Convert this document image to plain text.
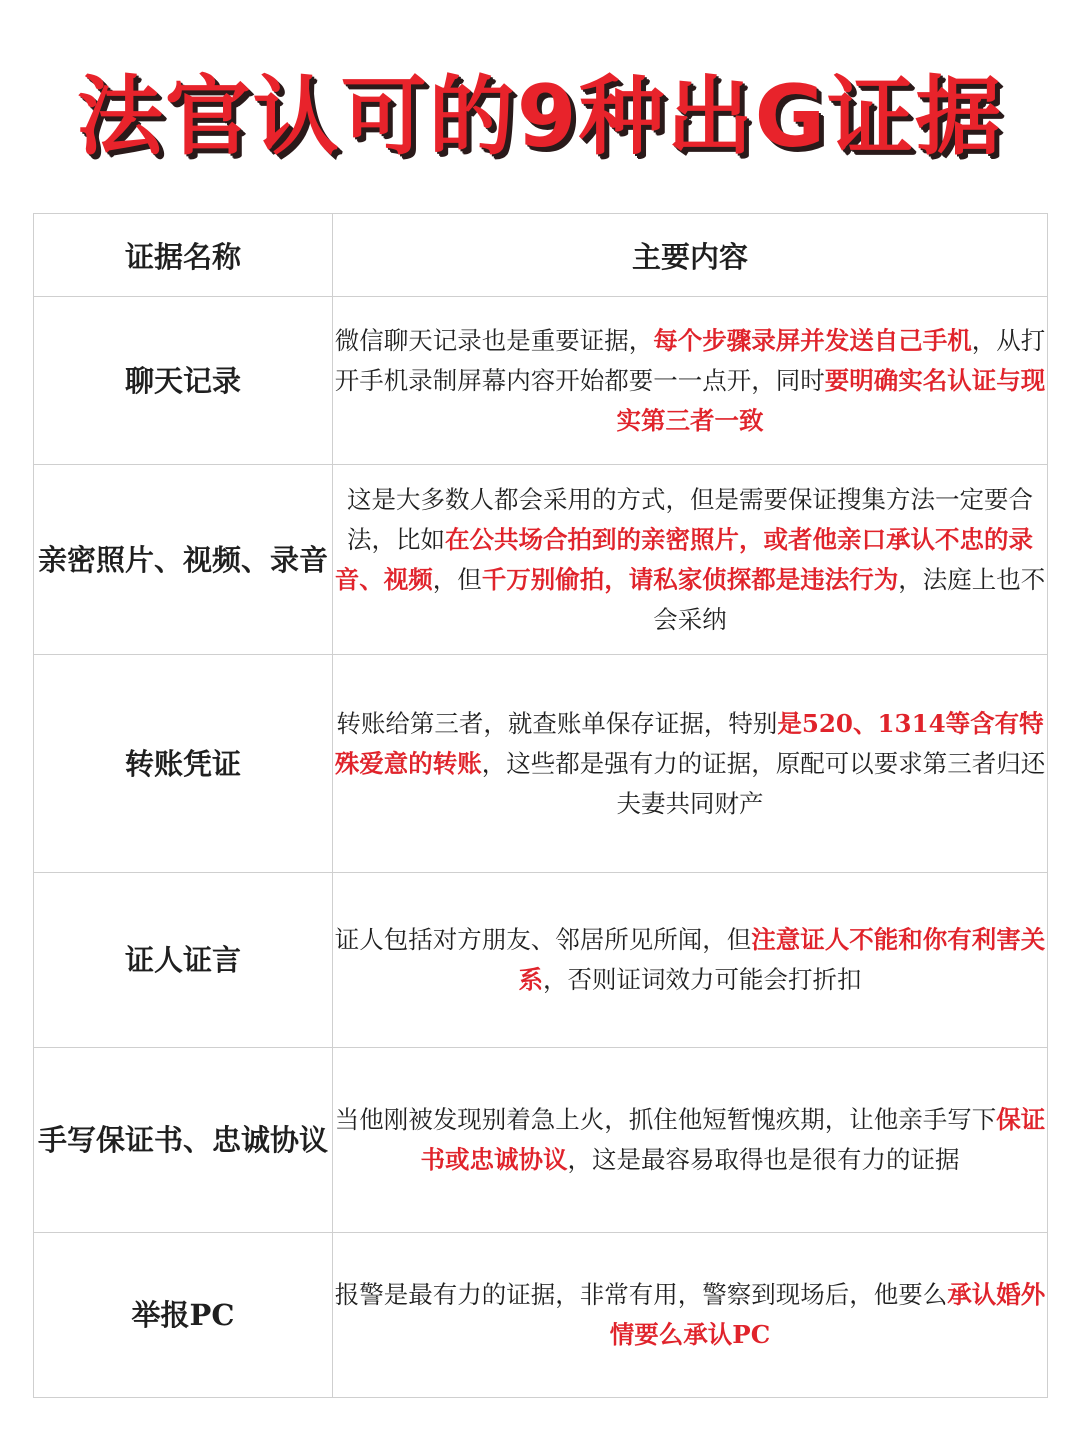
法官认可的9种出G证据
证据名称	主要内容
聊天记录	微信聊天记录也是重要证据，每个步骤录屏并发送自己手机，从打开手机录制屏幕内容开始都要一一点开，同时要明确实名认证与现实第三者一致
亲密照片、视频、录音	这是大多数人都会采用的方式，但是需要保证搜集方法一定要合法，比如在公共场合拍到的亲密照片，或者他亲口承认不忠的录音、视频，但千万别偷拍，请私家侦探都是违法行为，法庭上也不会采纳
转账凭证	转账给第三者，就查账单保存证据，特别是520、1314等含有特殊爱意的转账，这些都是强有力的证据，原配可以要求第三者归还夫妻共同财产
证人证言	证人包括对方朋友、邻居所见所闻，但注意证人不能和你有利害关系，否则证词效力可能会打折扣
手写保证书、忠诚协议	当他刚被发现别着急上火，抓住他短暂愧疚期，让他亲手写下保证书或忠诚协议，这是最容易取得也是很有力的证据
举报PC	报警是最有力的证据，非常有用，警察到现场后，他要么承认婚外情要么承认PC
